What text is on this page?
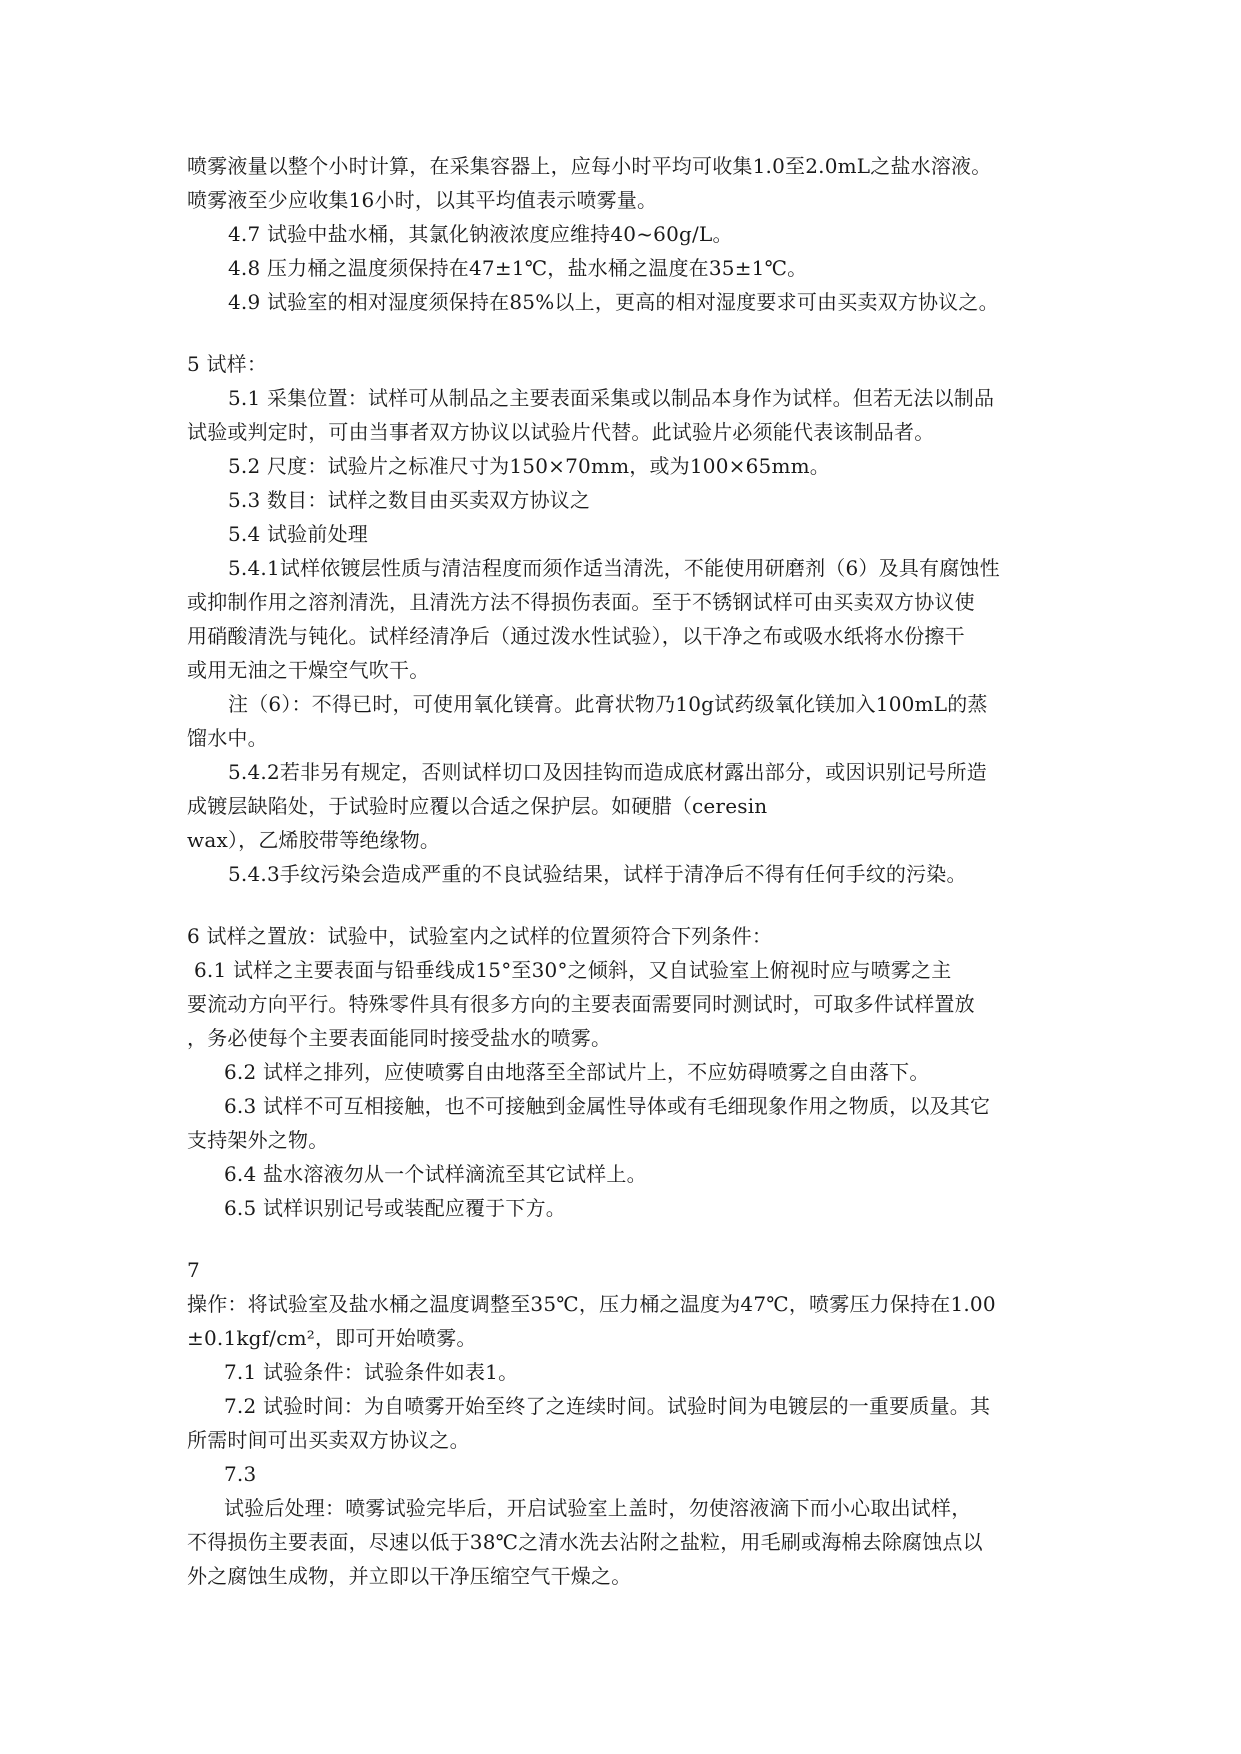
喷雾液量以整个小时计算，在采集容器上，应每小时平均可收集1.0至2.0mL之盐水溶液。
喷雾液至少应收集16小时，以其平均值表示喷雾量。
4.7 试验中盐水桶，其氯化钠液浓度应维持40~60g/L。
4.8 压力桶之温度须保持在47±1℃，盐水桶之温度在35±1℃。
4.9 试验室的相对湿度须保持在85%以上，更高的相对湿度要求可由买卖双方协议之。
5 试样：
5.1 采集位置：试样可从制品之主要表面采集或以制品本身作为试样。但若无法以制品
试验或判定时，可由当事者双方协议以试验片代替。此试验片必须能代表该制品者。
5.2 尺度：试验片之标准尺寸为150×70mm，或为100×65mm。
5.3 数目：试样之数目由买卖双方协议之
5.4 试验前处理
5.4.1试样依镀层性质与清洁程度而须作适当清洗，不能使用研磨剂（6）及具有腐蚀性
或抑制作用之溶剂清洗，且清洗方法不得损伤表面。至于不锈钢试样可由买卖双方协议使
用硝酸清洗与钝化。试样经清净后（通过泼水性试验），以干净之布或吸水纸将水份擦干
或用无油之干燥空气吹干。
注（6）：不得已时，可使用氧化镁膏。此膏状物乃10g试药级氧化镁加入100mL的蒸
馏水中。
5.4.2若非另有规定，否则试样切口及因挂钩而造成底材露出部分，或因识别记号所造
成镀层缺陷处，于试验时应覆以合适之保护层。如硬腊（ceresin
wax），乙烯胶带等绝缘物。
5.4.3手纹污染会造成严重的不良试验结果，试样于清净后不得有任何手纹的污染。
6 试样之置放：试验中，试验室内之试样的位置须符合下列条件：
6.1 试样之主要表面与铅垂线成15°至30°之倾斜，又自试验室上俯视时应与喷雾之主
要流动方向平行。特殊零件具有很多方向的主要表面需要同时测试时，可取多件试样置放
，务必使每个主要表面能同时接受盐水的喷雾。
6.2 试样之排列，应使喷雾自由地落至全部试片上，不应妨碍喷雾之自由落下。
6.3 试样不可互相接触，也不可接触到金属性导体或有毛细现象作用之物质，以及其它
支持架外之物。
6.4 盐水溶液勿从一个试样滴流至其它试样上。
6.5 试样识别记号或装配应覆于下方。
7
操作：将试验室及盐水桶之温度调整至35℃，压力桶之温度为47℃，喷雾压力保持在1.00
±0.1kgf/cm²，即可开始喷雾。
7.1 试验条件：试验条件如表1。
7.2 试验时间：为自喷雾开始至终了之连续时间。试验时间为电镀层的一重要质量。其
所需时间可出买卖双方协议之。
7.3
试验后处理：喷雾试验完毕后，开启试验室上盖时，勿使溶液滴下而小心取出试样，
不得损伤主要表面，尽速以低于38℃之清水洗去沾附之盐粒，用毛刷或海棉去除腐蚀点以
外之腐蚀生成物，并立即以干净压缩空气干燥之。
